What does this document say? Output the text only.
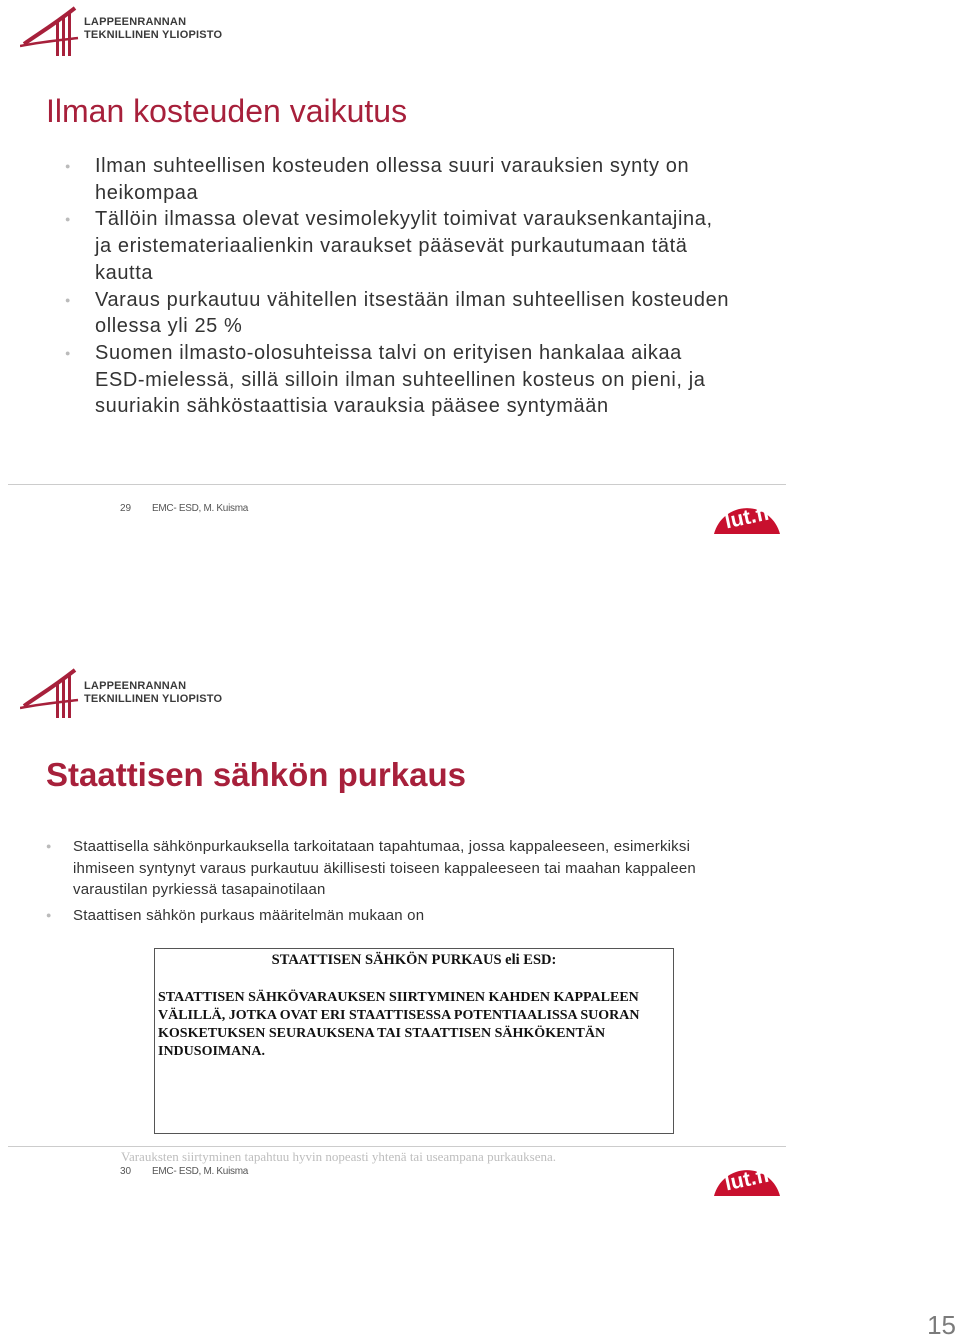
LAPPEENRANNAN
TEKNILLINEN YLIOPISTO
Ilman kosteuden vaikutus
● Ilman suhteellisen kosteuden ollessa suuri varauksien synty on heikompaa
● Tällöin ilmassa olevat vesimolekyylit toimivat varauksenkantajina, ja eristemateriaalienkin varaukset pääsevät purkautumaan tätä kautta
● Varaus purkautuu vähitellen itsestään ilman suhteellisen kosteuden ollessa yli 25 %
● Suomen ilmasto-olosuhteissa talvi on erityisen hankalaa aikaa ESD-mielessä, sillä silloin ilman suhteellinen kosteus on pieni, ja suuriakin sähköstaattisia varauksia pääsee syntymään
29 EMC- ESD, M. Kuisma	lut.fi
LAPPEENRANNAN
TEKNILLINEN YLIOPISTO
Staattisen sähkön purkaus
● Staattisella sähkönpurkauksella tarkoitataan tapahtumaa, jossa kappaleeseen, esimerkiksi ihmiseen syntynyt varaus purkautuu äkillisesti toiseen kappaleeseen tai maahan kappaleen varaustilan pyrkiessä tasapainotilaan
● Staattisen sähkön purkaus määritelmän mukaan on
STAATTISEN SÄHKÖN PURKAUS eli ESD:
STAATTISEN SÄHKÖVARAUKSEN SIIRTYMINEN KAHDEN KAPPALEEN VÄLILLÄ, JOTKA OVAT ERI STAATTISESSA POTENTIAALISSA SUORAN KOSKETUKSEN SEURAUKSENA TAI STAATTISEN SÄHKÖKENTÄN INDUSOIMANA.
Varauksten siirtyminen tapahtuu hyvin nopeasti yhtenä tai useampana purkauksena.
30 EMC- ESD, M. Kuisma	lut.fi
15
